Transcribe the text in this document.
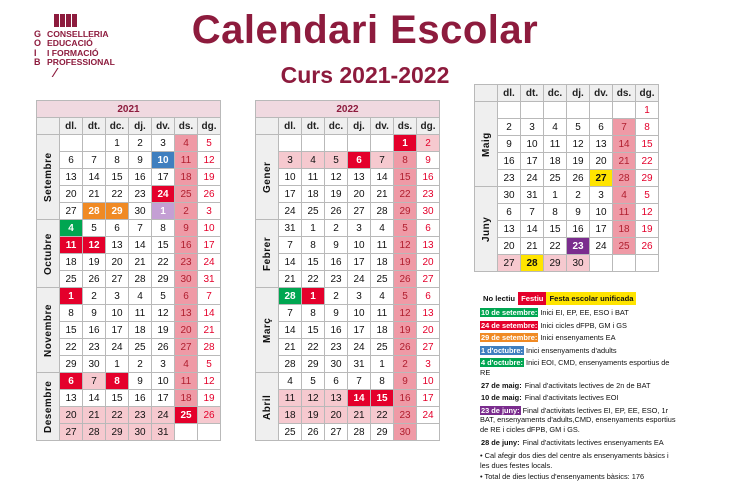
G
O
I
B
CONSELLERIA
EDUCACIÓ
I FORMACIÓ
PROFESSIONAL
⁄
Calendari Escolar
Curs 2021-2022
2021							
	dl.	dt.	dc.	dj.	dv.	ds.	dg.
Setembre			1	2	3	4	5
	6	7	8	9	10	11	12
	13	14	15	16	17	18	19
	20	21	22	23	24	25	26
	27	28	29	30	1	2	3
Octubre	4	5	6	7	8	9	10
	11	12	13	14	15	16	17
	18	19	20	21	22	23	24
	25	26	27	28	29	30	31
Novembre	1	2	3	4	5	6	7
	8	9	10	11	12	13	14
	15	16	17	18	19	20	21
	22	23	24	25	26	27	28
	29	30	1	2	3	4	5
Desembre	6	7	8	9	10	11	12
	13	14	15	16	17	18	19
	20	21	22	23	24	25	26
	27	28	29	30	31		
2022							
	dl.	dt.	dc.	dj.	dv.	ds.	dg.
Gener						1	2
	3	4	5	6	7	8	9
	10	11	12	13	14	15	16
	17	18	19	20	21	22	23
	24	25	26	27	28	29	30
Febrer	31	1	2	3	4	5	6
	7	8	9	10	11	12	13
	14	15	16	17	18	19	20
	21	22	23	24	25	26	27
Març	28	1	2	3	4	5	6
	7	8	9	10	11	12	13
	14	15	16	17	18	19	20
	21	22	23	24	25	26	27
	28	29	30	31	1	2	3
Abril	4	5	6	7	8	9	10
	11	12	13	14	15	16	17
	18	19	20	21	22	23	24
	25	26	27	28	29	30	
	dl.	dt.	dc.	dj.	dv.	ds.	dg.
Maig							1
	2	3	4	5	6	7	8
	9	10	11	12	13	14	15
	16	17	18	19	20	21	22
	23	24	25	26	27	28	29
Juny	30	31	1	2	3	4	5
	6	7	8	9	10	11	12
	13	14	15	16	17	18	19
	20	21	22	23	24	25	26
	27	28	29	30			
No lectiu Festiu Festa escolar unificada
10 de setembre: Inici EI, EP, EE, ESO i BAT
24 de setembre: Inici cicles dFPB, GM i GS
29 de setembre: Inici ensenyaments EA
1 d'octubre: Inici ensenyaments d'adults
4 d'octubre: Inici EOI, CMD, ensenyaments esportius de RE
27 de maig: Final d'activitats lectives de 2n de BAT
10 de maig: Final d'activitats lectives EOI
23 de juny: Final d'activitats lectives EI, EP, EE, ESO, 1r BAT, ensenyaments d'adults,CMD, ensenyaments esportius de RE i cicles dFPB, GM i GS.
28 de juny: Final d'activitats lectives ensenyaments EA
• Cal afegir dos dies del centre als ensenyaments bàsics i les dues festes locals.
• Total de dies lectius d'ensenyaments bàsics: 176
